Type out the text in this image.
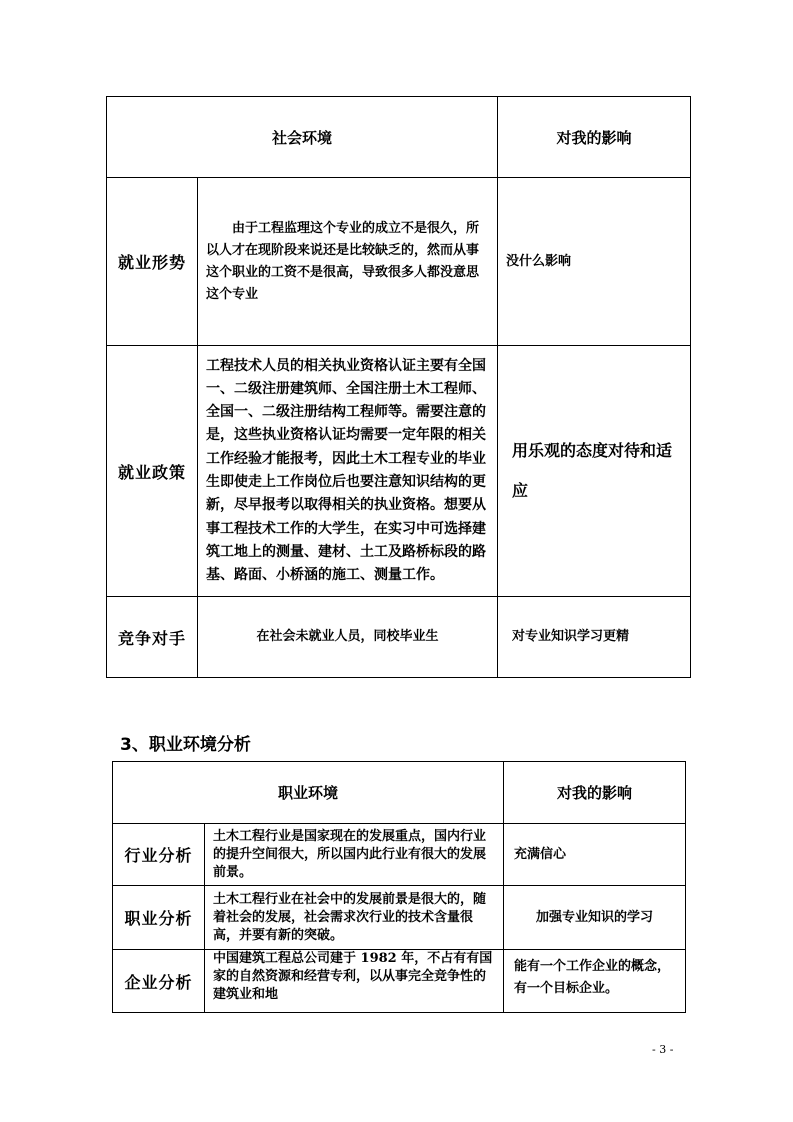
社会环境		对我的影响
就业形势	由于工程监理这个专业的成立不是很久，所以人才在现阶段来说还是比较缺乏的，然而从事这个职业的工资不是很高，导致很多人都没意思这个专业	没什么影响
就业政策	工程技术人员的相关执业资格认证主要有全国一、二级注册建筑师、全国注册土木工程师、全国一、二级注册结构工程师等。需要注意的是，这些执业资格认证均需要一定年限的相关工作经验才能报考，因此土木工程专业的毕业生即使走上工作岗位后也要注意知识结构的更新，尽早报考以取得相关的执业资格。想要从事工程技术工作的大学生，在实习中可选择建筑工地上的测量、建材、土工及路桥标段的路基、路面、小桥涵的施工、测量工作。	用乐观的态度对待和适应
竞争对手	在社会未就业人员，同校毕业生	对专业知识学习更精
3、职业环境分析
职业环境		对我的影响
行业分析	土木工程行业是国家现在的发展重点，国内行业的提升空间很大，所以国内此行业有很大的发展前景。	充满信心
职业分析	土木工程行业在社会中的发展前景是很大的，随着社会的发展，社会需求次行业的技术含量很高，并要有新的突破。	加强专业知识的学习
企业分析	中国建筑工程总公司建于 1982 年，不占有有国家的自然资源和经营专利，以从事完全竞争性的建筑业和地	能有一个工作企业的概念，有一个目标企业。
- 3 -
